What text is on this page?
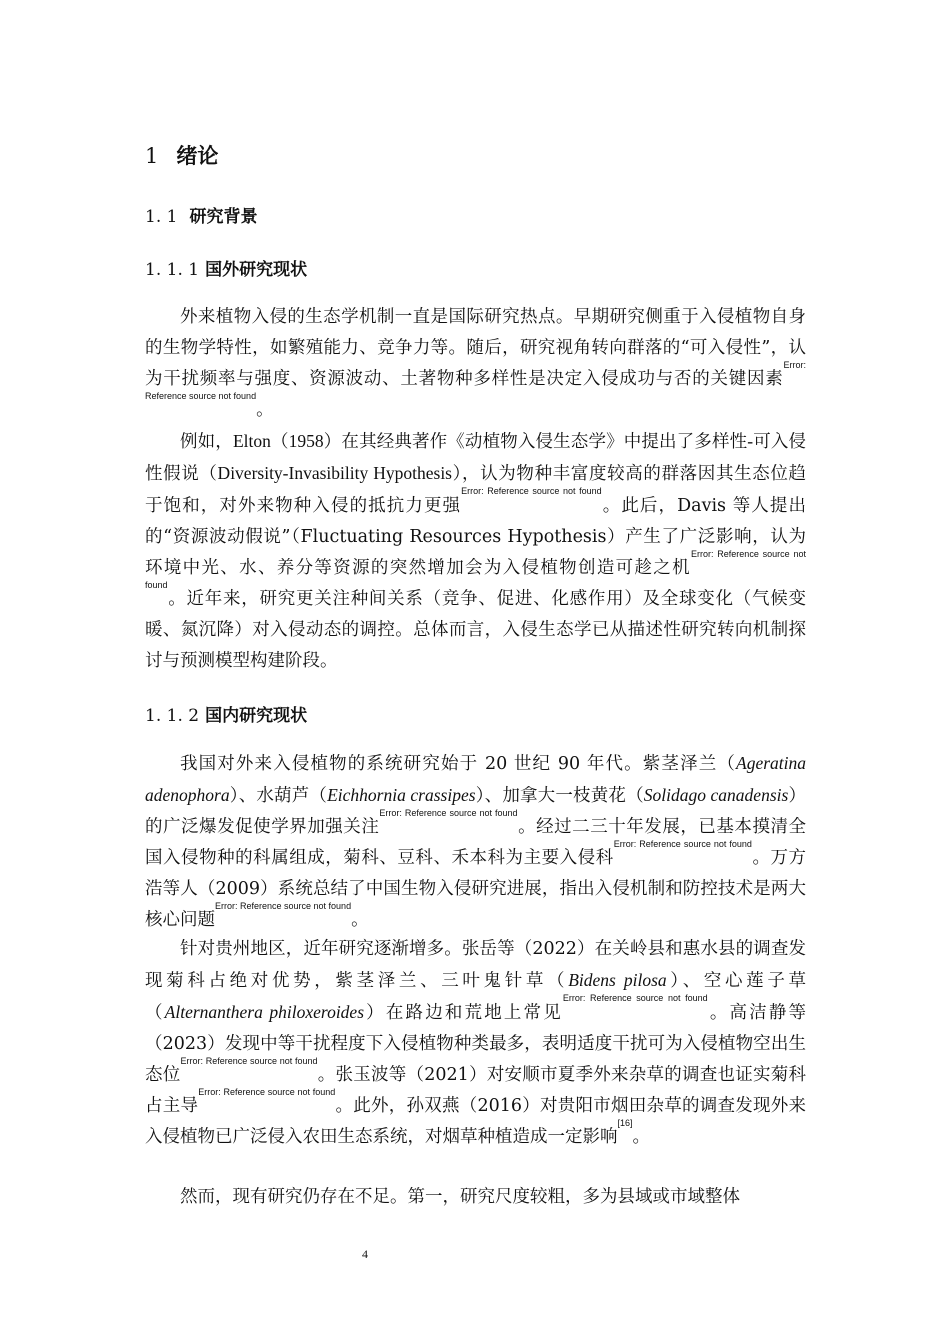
1 绪论
1. 1 研究背景
1. 1. 1 国外研究现状

外来植物入侵的生态学机制一直是国际研究热点。早期研究侧重于入侵植物自身的生物学特性，如繁殖能力、竞争力等。随后，研究视角转向群落的“可入侵性”，认为干扰频率与强度、资源波动、土著物种多样性是决定入侵成功与否的关键因素$^{Error: Reference source not found}$。

例如，Elton（1958）在其经典著作《动植物入侵生态学》中提出了多样性-可入侵性假说（Diversity-Invasibility Hypothesis），认为物种丰富度较高的群落因其生态位趋于饱和，对外来物种入侵的抵抗力更强$^{Error: Reference source not found}$。此后，Davis 等人提出的“资源波动假说”（Fluctuating Resources Hypothesis）产生了广泛影响，认为环境中光、水、养分等资源的突然增加会为入侵植物创造可趁之机$^{Error: Reference source not found}$。近年来，研究更关注种间关系（竞争、促进、化感作用）及全球变化（气候变暖、氮沉降）对入侵动态的调控。总体而言，入侵生态学已从描述性研究转向机制探讨与预测模型构建阶段。

1. 1. 2 国内研究现状

我国对外来入侵植物的系统研究始于 20 世纪 90 年代。紫茎泽兰（Ageratina adenophora）、水葫芦（Eichhornia crassipes）、加拿大一枝黄花（Solidago canadensis）的广泛爆发促使学界加强关注$^{Error: Reference source not found}$。经过二三十年发展，已基本摸清全国入侵物种的科属组成，菊科、豆科、禾本科为主要入侵科$^{Error: Reference source not found}$。万方浩等人（2009）系统总结了中国生物入侵研究进展，指出入侵机制和防控技术是两大核心问题$^{Error: Reference source not found}$。

针对贵州地区，近年研究逐渐增多。张岳等（2022）在关岭县和惠水县的调查发现菊科占绝对优势，紫茎泽兰、三叶鬼针草（Bidens pilosa）、空心莲子草（Alternanthera philoxeroides）在路边和荒地上常见$^{Error: Reference source not found}$。高洁静等（2023）发现中等干扰程度下入侵植物种类最多，表明适度干扰可为入侵植物空出生态位$^{Error: Reference source not found}$。张玉波等（2021）对安顺市夏季外来杂草的调查也证实菊科占主导$^{Error: Reference source not found}$。此外，孙双燕（2016）对贵阳市烟田杂草的调查发现外来入侵植物已广泛侵入农田生态系统，对烟草种植造成一定影响[16]。

然而，现有研究仍存在不足。第一，研究尺度较粗，多为县域或市域整体

4
